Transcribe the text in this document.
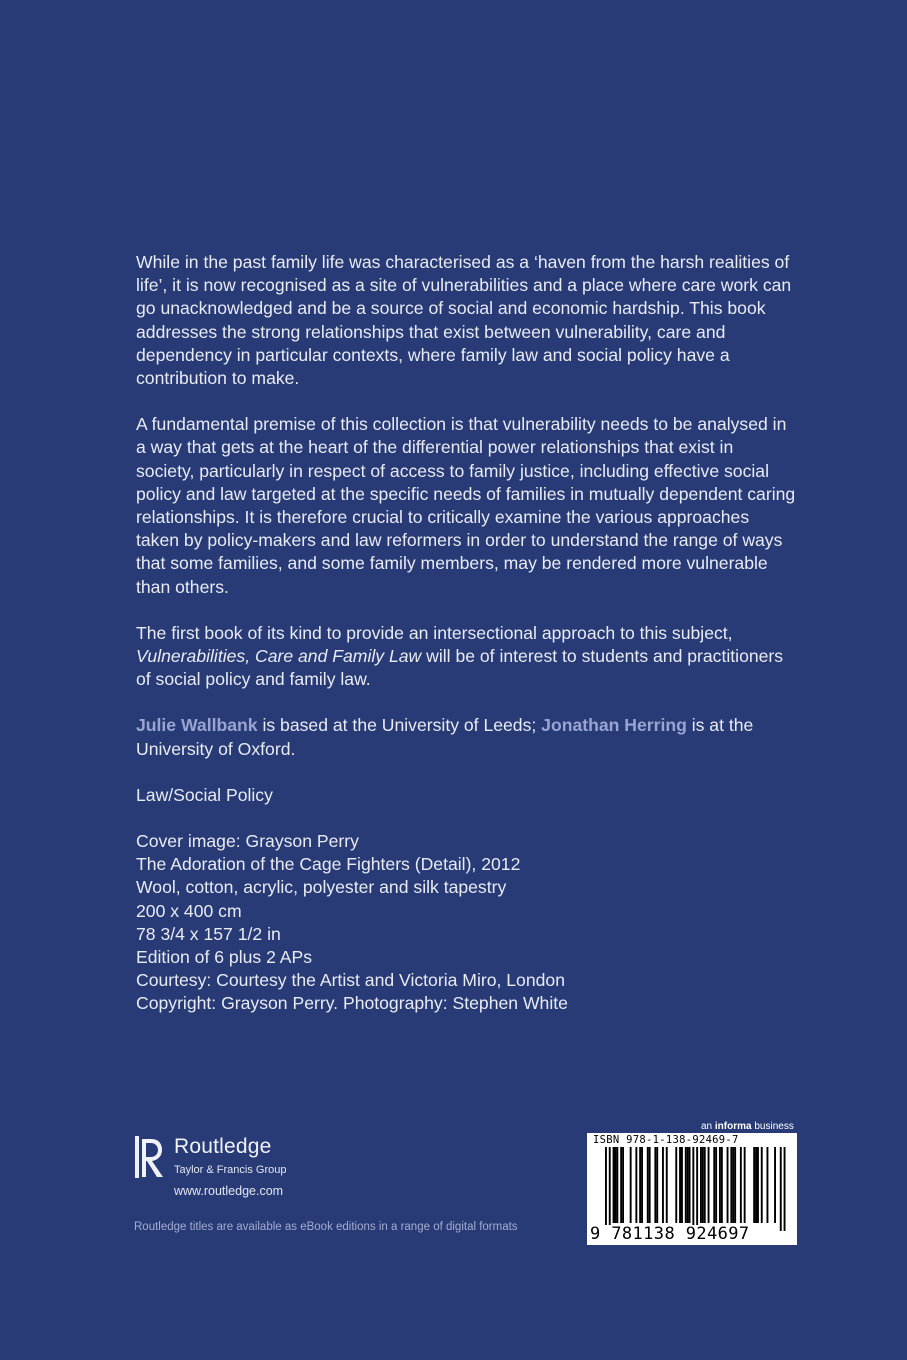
While in the past family life was characterised as a ‘haven from the harsh realities of life’, it is now recognised as a site of vulnerabilities and a place where care work can go unacknowledged and be a source of social and economic hardship. This book addresses the strong relationships that exist between vulnerability, care and dependency in particular contexts, where family law and social policy have a contribution to make.

A fundamental premise of this collection is that vulnerability needs to be analysed in a way that gets at the heart of the differential power relationships that exist in society, particularly in respect of access to family justice, including effective social policy and law targeted at the specific needs of families in mutually dependent caring relationships. It is therefore crucial to critically examine the various approaches taken by policy-makers and law reformers in order to understand the range of ways that some families, and some family members, may be rendered more vulnerable than others.

The first book of its kind to provide an intersectional approach to this subject, Vulnerabilities, Care and Family Law will be of interest to students and practitioners of social policy and family law.

Julie Wallbank is based at the University of Leeds; Jonathan Herring is at the University of Oxford.

Law/Social Policy

Cover image: Grayson Perry

The Adoration of the Cage Fighters (Detail), 2012

Wool, cotton, acrylic, polyester and silk tapestry

200 x 400 cm

78 3/4 x 157 1/2 in

Edition of 6 plus 2 APs

Courtesy: Courtesy the Artist and Victoria Miro, London

Copyright: Grayson Perry. Photography: Stephen White

Routledge
Taylor & Francis Group
www.routledge.com
Routledge titles are available as eBook editions in a range of digital formats
an informa business
ISBN 978-1-138-92469-7
9 781138 924697
